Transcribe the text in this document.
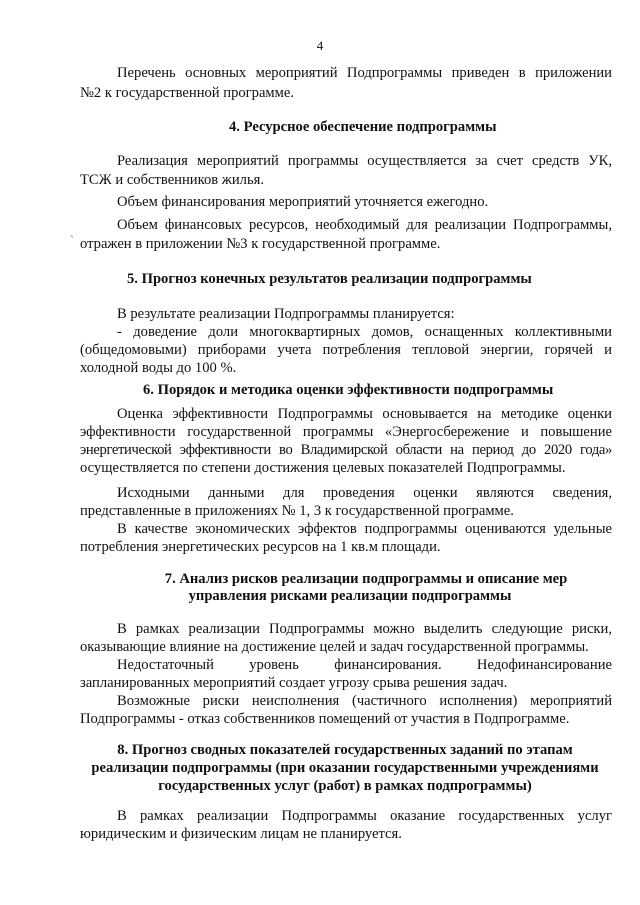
4
Перечень основных мероприятий Подпрограммы приведен в приложении
№2 к государственной программе.
4. Ресурсное обеспечение подпрограммы
Реализация мероприятий программы осуществляется за счет средств УК,
ТСЖ и собственников жилья.
Объем финансирования мероприятий уточняется ежегодно.
ˏ	Объем финансовых ресурсов, необходимый для реализации Подпрограммы,
отражен в приложении №3 к государственной программе.
5. Прогноз конечных результатов реализации подпрограммы
В результате реализации Подпрограммы планируется:
- доведение доли многоквартирных домов, оснащенных коллективными
(общедомовыми) приборами учета потребления тепловой энергии, горячей и
холодной воды до 100 %.
6. Порядок и методика оценки эффективности подпрограммы
Оценка эффективности Подпрограммы основывается на методике оценки
эффективности государственной программы «Энергосбережение и повышение
энергетической эффективности во Владимирской области на период до 2020 года»
осуществляется по степени достижения целевых показателей Подпрограммы.
Исходными данными для проведения оценки являются сведения,
представленные в приложениях № 1, 3 к государственной программе.
В качестве экономических эффектов подпрограммы оцениваются удельные
потребления энергетических ресурсов на 1 кв.м площади.
7. Анализ рисков реализации подпрограммы и описание мер
управления рисками реализации подпрограммы
В рамках реализации Подпрограммы можно выделить следующие риски,
оказывающие влияние на достижение целей и задач государственной программы.
Недостаточный уровень финансирования. Недофинансирование
запланированных мероприятий создает угрозу срыва решения задач.
Возможные риски неисполнения (частичного исполнения) мероприятий
Подпрограммы - отказ собственников помещений от участия в Подпрограмме.
8. Прогноз сводных показателей государственных заданий по этапам
реализации подпрограммы (при оказании государственными учреждениями
государственных услуг (работ) в рамках подпрограммы)
В рамках реализации Подпрограммы оказание государственных услуг
юридическим и физическим лицам не планируется.
